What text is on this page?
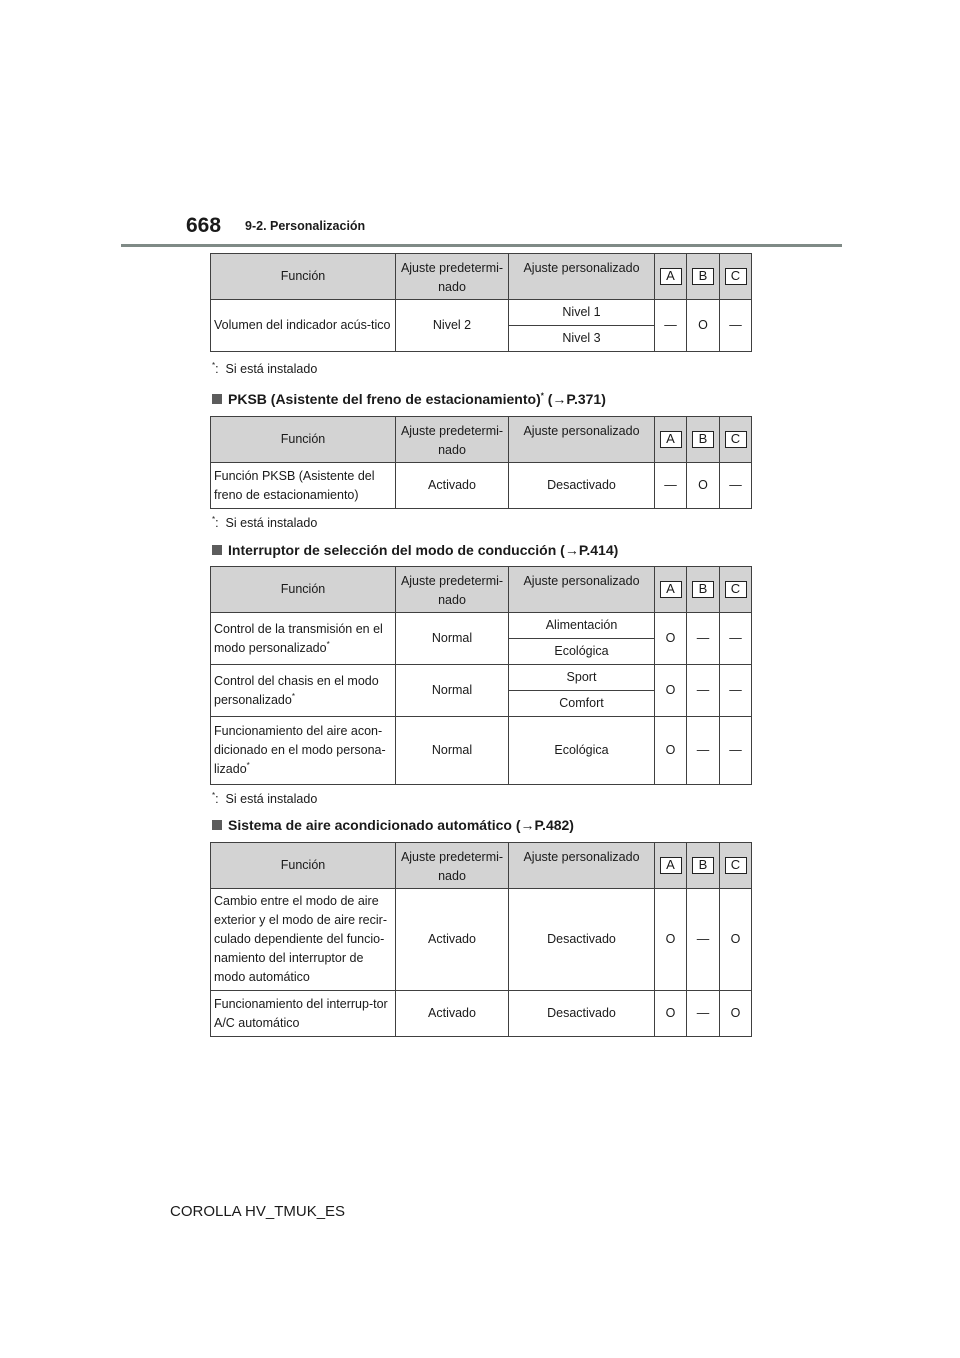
668 9-2. Personalización
Función	Ajuste predetermi-nado	Ajuste personalizado	A	B	C
Volumen del indicador acús-tico	Nivel 2	Nivel 1	—	O	—
		Nivel 3			
*:  Si está instalado
PKSB (Asistente del freno de estacionamiento)* (→P.371)
Función	Ajuste predetermi-nado	Ajuste personalizado	A	B	C
Función PKSB (Asistente del freno de estacionamiento)	Activado	Desactivado	—	O	—
*:  Si está instalado
Interruptor de selección del modo de conducción (→P.414)
Función	Ajuste predetermi-nado	Ajuste personalizado	A	B	C
Control de la transmisión en el modo personalizado*	Normal	Alimentación	O	—	—
		Ecológica			
Control del chasis en el modo personalizado*	Normal	Sport	O	—	—
		Comfort			
Funcionamiento del aire acon-dicionado en el modo persona-lizado*	Normal	Ecológica	O	—	—
*:  Si está instalado
Sistema de aire acondicionado automático (→P.482)
Función	Ajuste predetermi-nado	Ajuste personalizado	A	B	C
Cambio entre el modo de aire exterior y el modo de aire recir-culado dependiente del funcio-namiento del interruptor de modo automático	Activado	Desactivado	O	—	O
Funcionamiento del interrup-tor A/C automático	Activado	Desactivado	O	—	O
COROLLA HV_TMUK_ES
